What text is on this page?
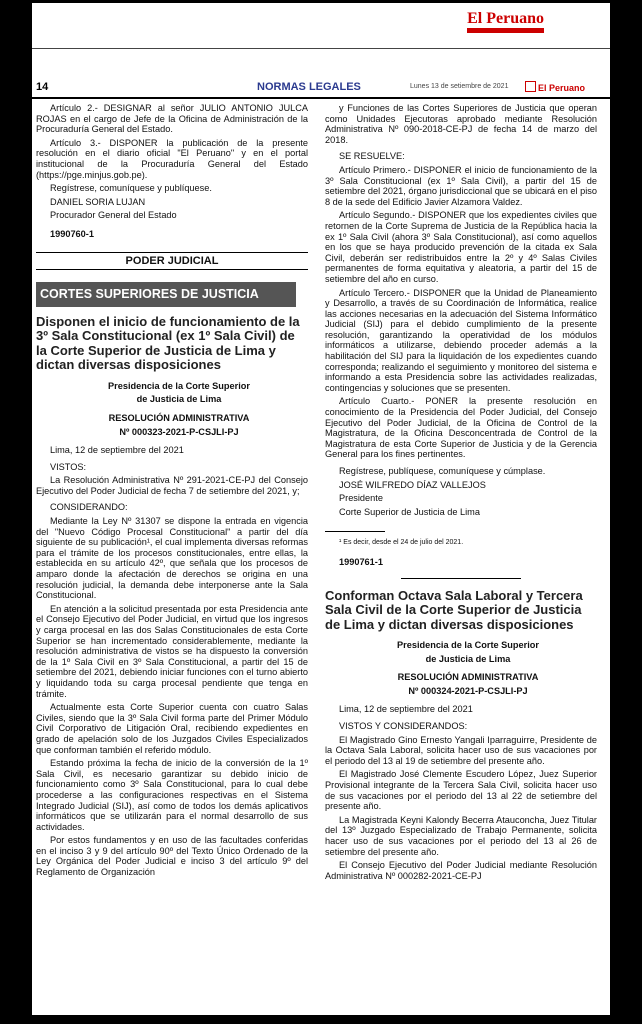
El Peruano
14	NORMAS LEGALES	Lunes 13 de setiembre de 2021	El Peruano

Artículo 2.- DESIGNAR al señor JULIO ANTONIO JULCA ROJAS en el cargo de Jefe de la Oficina de Administración de la Procuraduría General del Estado.

Artículo 3.- DISPONER la publicación de la presente resolución en el diario oficial "El Peruano" y en el portal institucional de la Procuraduría General del Estado (https://pge.minjus.gob.pe).

Regístrese, comuníquese y publíquese.

DANIEL SORIA LUJAN

Procurador General del Estado

1990760-1
PODER JUDICIAL
CORTES SUPERIORES DE JUSTICIA
Disponen el inicio de funcionamiento de la 3º Sala Constitucional (ex 1º Sala Civil) de la Corte Superior de Justicia de Lima y dictan diversas disposiciones

Presidencia de la Corte Superior

de Justicia de Lima

RESOLUCIÓN ADMINISTRATIVA

Nº 000323-2021-P-CSJLI-PJ

Lima, 12 de septiembre del 2021

VISTOS:

La Resolución Administrativa Nº 291-2021-CE-PJ del Consejo Ejecutivo del Poder Judicial de fecha 7 de setiembre del 2021, y;

CONSIDERANDO:

Mediante la Ley Nº 31307 se dispone la entrada en vigencia del "Nuevo Código Procesal Constitucional" a partir del día siguiente de su publicación¹, el cual implementa diversas reformas para el trámite de los procesos constitucionales, entre ellas, la establecida en su artículo 42º, que señala que los procesos de amparo donde la afectación de derechos se origina en una resolución judicial, la demanda debe interponerse ante la Sala Constitucional.

En atención a la solicitud presentada por esta Presidencia ante el Consejo Ejecutivo del Poder Judicial, en virtud que los ingresos y carga procesal en las dos Salas Constitucionales de esta Corte Superior se han incrementado considerablemente, mediante la resolución administrativa de vistos se ha dispuesto la conversión de la 1º Sala Civil en 3º Sala Constitucional, a partir del 15 de setiembre del 2021, debiendo iniciar funciones con el turno abierto y liquidando toda su carga procesal pendiente que tenga en trámite.

Actualmente esta Corte Superior cuenta con cuatro Salas Civiles, siendo que la 3º Sala Civil forma parte del Primer Módulo Civil Corporativo de Litigación Oral, recibiendo expedientes en grado de apelación solo de los Juzgados Civiles Especializados que conforman también el referido módulo.

Estando próxima la fecha de inicio de la conversión de la 1º Sala Civil, es necesario garantizar su debido inicio de funcionamiento como 3º Sala Constitucional, para lo cual debe procederse a las configuraciones respectivas en el Sistema Integrado Judicial (SIJ), así como de todos los demás aplicativos informáticos que se utilizarán para el normal desarrollo de sus actividades.

Por estos fundamentos y en uso de las facultades conferidas en el inciso 3 y 9 del artículo 90º del Texto Único Ordenado de la Ley Orgánica del Poder Judicial e inciso 3 del artículo 9º del Reglamento de Organización

y Funciones de las Cortes Superiores de Justicia que operan como Unidades Ejecutoras aprobado mediante Resolución Administrativa Nº 090-2018-CE-PJ de fecha 14 de marzo del 2018.

SE RESUELVE:

Artículo Primero.- DISPONER el inicio de funcionamiento de la 3º Sala Constitucional (ex 1º Sala Civil), a partir del 15 de setiembre del 2021, órgano jurisdiccional que se ubicará en el piso 8 de la sede del Edificio Javier Alzamora Valdez.

Artículo Segundo.- DISPONER que los expedientes civiles que retornen de la Corte Suprema de Justicia de la República hacia la ex 1º Sala Civil (ahora 3º Sala Constitucional), así como aquellos en los que se haya producido prevención de la citada ex Sala Civil, deberán ser redistribuidos entre la 2º y 4º Salas Civiles permanentes de forma equitativa y aleatoria, a partir del 15 de setiembre del año en curso.

Artículo Tercero.- DISPONER que la Unidad de Planeamiento y Desarrollo, a través de su Coordinación de Informática, realice las acciones necesarias en la adecuación del Sistema Informático Judicial (SIJ) para el debido cumplimiento de la presente resolución, garantizando la operatividad de los módulos informáticos a utilizarse, debiendo proceder además a la habilitación del SIJ para la liquidación de los expedientes cuando corresponda; realizando el seguimiento y monitoreo del sistema e informando a esta Presidencia sobre las actividades realizadas, contingencias y soluciones que se presenten.

Artículo Cuarto.- PONER la presente resolución en conocimiento de la Presidencia del Poder Judicial, del Consejo Ejecutivo del Poder Judicial, de la Oficina de Control de la Magistratura, de la Oficina Desconcentrada de Control de la Magistratura de esta Corte Superior de Justicia y de la Gerencia General para los fines pertinentes.

Regístrese, publíquese, comuníquese y cúmplase.

JOSÉ WILFREDO DÍAZ VALLEJOS

Presidente

Corte Superior de Justicia de Lima

¹ Es decir, desde el 24 de julio del 2021.

1990761-1
Conforman Octava Sala Laboral y Tercera Sala Civil de la Corte Superior de Justicia de Lima y dictan diversas disposiciones

Presidencia de la Corte Superior

de Justicia de Lima

RESOLUCIÓN ADMINISTRATIVA

Nº 000324-2021-P-CSJLI-PJ

Lima, 12 de septiembre del 2021

VISTOS Y CONSIDERANDOS:

El Magistrado Gino Ernesto Yangali Iparraguirre, Presidente de la Octava Sala Laboral, solicita hacer uso de sus vacaciones por el periodo del 13 al 19 de setiembre del presente año.

El Magistrado José Clemente Escudero López, Juez Superior Provisional integrante de la Tercera Sala Civil, solicita hacer uso de sus vacaciones por el periodo del 13 al 22 de setiembre del presente año.

La Magistrada Keyni Kalondy Becerra Atauconcha, Juez Titular del 13º Juzgado Especializado de Trabajo Permanente, solicita hacer uso de sus vacaciones por el periodo del 13 al 26 de setiembre del presente año.

El Consejo Ejecutivo del Poder Judicial mediante Resolución Administrativa Nº 000282-2021-CE-PJ
